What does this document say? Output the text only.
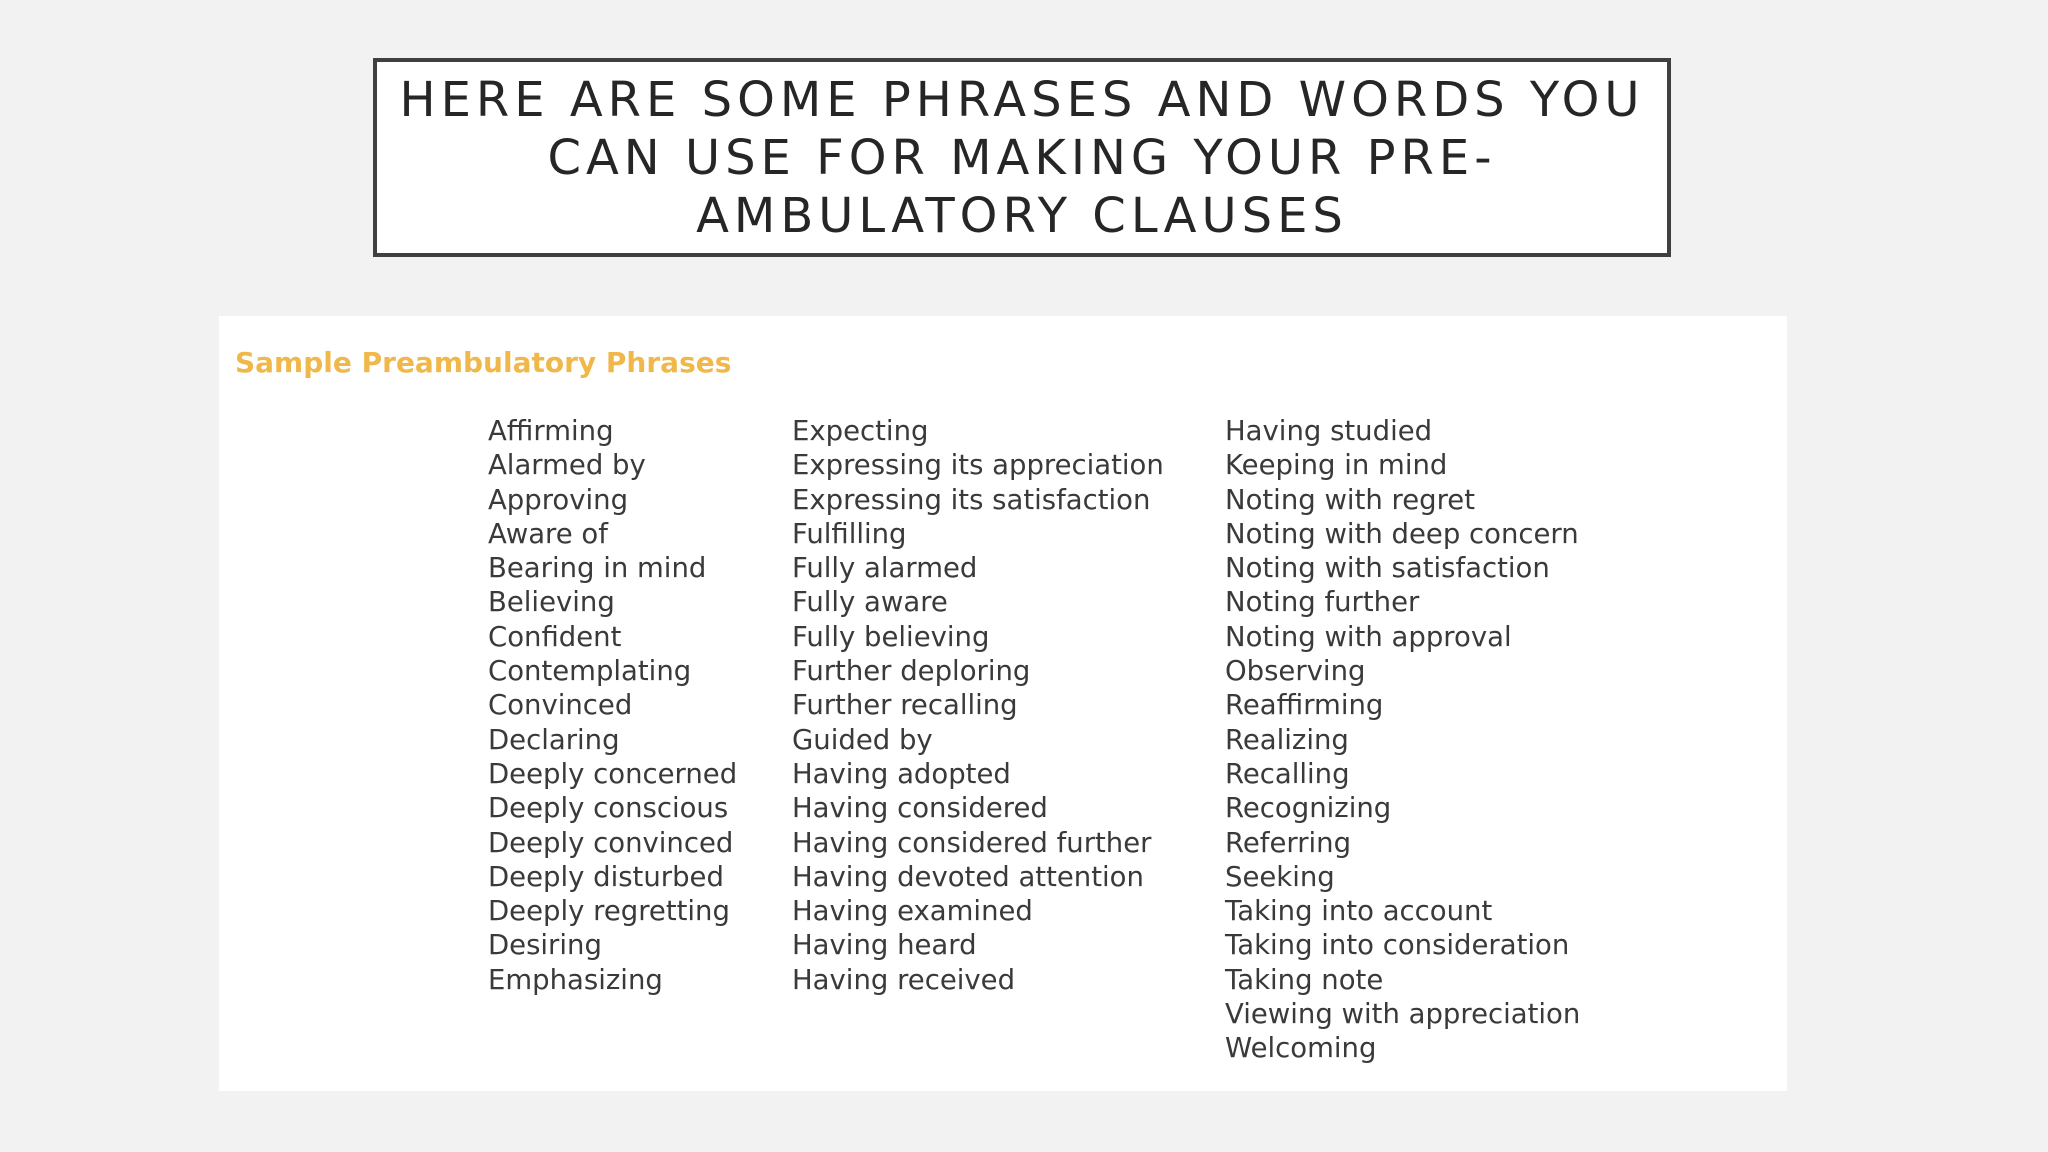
HERE ARE SOME PHRASES AND WORDS YOU CAN USE FOR MAKING YOUR PRE-AMBULATORY CLAUSES
Sample Preambulatory Phrases
Affirming
Alarmed by
Approving
Aware of
Bearing in mind
Believing
Confident
Contemplating
Convinced
Declaring
Deeply concerned
Deeply conscious
Deeply convinced
Deeply disturbed
Deeply regretting
Desiring
Emphasizing
Expecting
Expressing its appreciation
Expressing its satisfaction
Fulfilling
Fully alarmed
Fully aware
Fully believing
Further deploring
Further recalling
Guided by
Having adopted
Having considered
Having considered further
Having devoted attention
Having examined
Having heard
Having received
Having studied
Keeping in mind
Noting with regret
Noting with deep concern
Noting with satisfaction
Noting further
Noting with approval
Observing
Reaffirming
Realizing
Recalling
Recognizing
Referring
Seeking
Taking into account
Taking into consideration
Taking note
Viewing with appreciation
Welcoming
